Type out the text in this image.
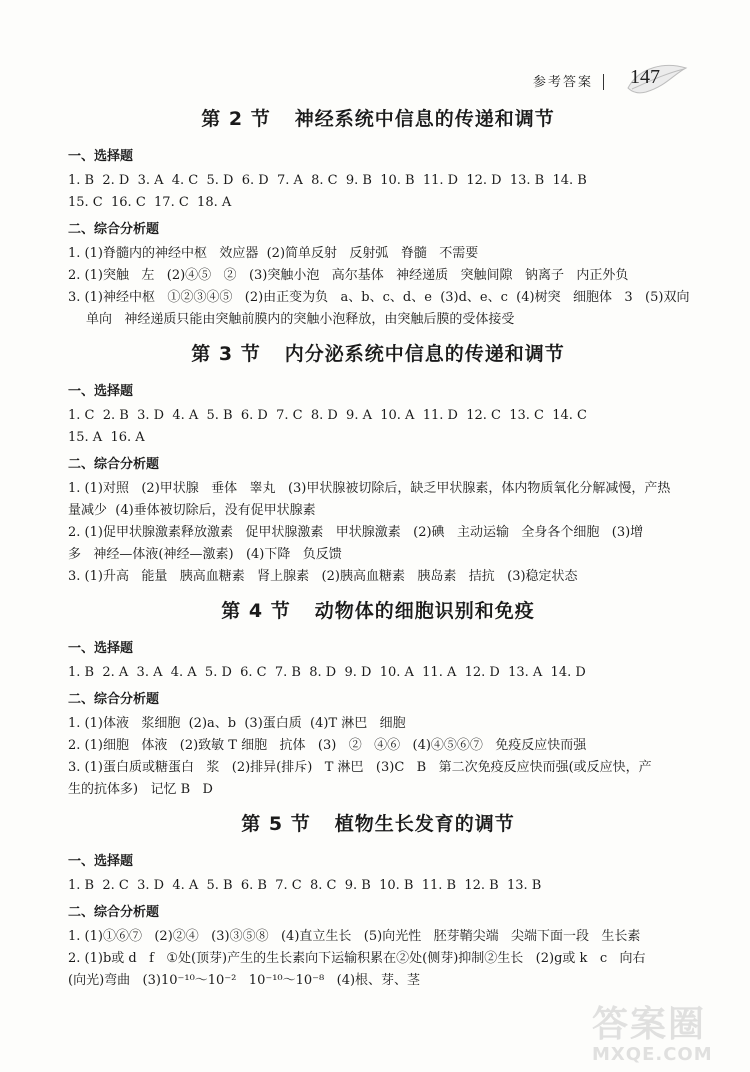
参考答案 147
第 2 节 神经系统中信息的传递和调节
一、选择题
1. B  2. D  3. A  4. C  5. D  6. D  7. A  8. C  9. B  10. B  11. D  12. D  13. B  14. B
15. C  16. C  17. C  18. A
二、综合分析题
1. (1)脊髓内的神经中枢   效应器  (2)简单反射   反射弧   脊髓   不需要
2. (1)突触   左   (2)④⑤   ②   (3)突触小泡   高尔基体   神经递质   突触间隙   钠离子   内正外负
3. (1)神经中枢   ①②③④⑤   (2)由正变为负   a、b、c、d、e  (3)d、e、c  (4)树突   细胞体   3   (5)双向
单向   神经递质只能由突触前膜内的突触小泡释放，由突触后膜的受体接受
第 3 节 内分泌系统中信息的传递和调节
一、选择题
1. C  2. B  3. D  4. A  5. B  6. D  7. C  8. D  9. A  10. A  11. D  12. C  13. C  14. C
15. A  16. A
二、综合分析题
1. (1)对照   (2)甲状腺   垂体   睾丸   (3)甲状腺被切除后，缺乏甲状腺素，体内物质氧化分解减慢，产热
量减少  (4)垂体被切除后，没有促甲状腺素
2. (1)促甲状腺激素释放激素   促甲状腺激素   甲状腺激素   (2)碘   主动运输   全身各个细胞   (3)增
多   神经—体液(神经—激素)   (4)下降   负反馈
3. (1)升高   能量   胰高血糖素   肾上腺素   (2)胰高血糖素   胰岛素   拮抗   (3)稳定状态
第 4 节 动物体的细胞识别和免疫
一、选择题
1. B  2. A  3. A  4. A  5. D  6. C  7. B  8. D  9. D  10. A  11. A  12. D  13. A  14. D
二、综合分析题
1. (1)体液   浆细胞  (2)a、b  (3)蛋白质  (4)T 淋巴   细胞
2. (1)细胞   体液   (2)致敏 T 细胞   抗体   (3)   ②   ④⑥   (4)④⑤⑥⑦   免疫反应快而强
3. (1)蛋白质或糖蛋白   浆   (2)排异(排斥)   T 淋巴   (3)C   B   第二次免疫反应快而强(或反应快，产
生的抗体多)   记忆 B   D
第 5 节 植物生长发育的调节
一、选择题
1. B  2. C  3. D  4. A  5. B  6. B  7. C  8. C  9. B  10. B  11. B  12. B  13. B
二、综合分析题
1. (1)①⑥⑦   (2)②④   (3)③⑤⑧   (4)直立生长   (5)向光性   胚芽鞘尖端   尖端下面一段   生长素
2. (1)b或 d   f   ①处(顶芽)产生的生长素向下运输积累在②处(侧芽)抑制②生长   (2)g或 k   c   向右
(向光)弯曲   (3)10⁻¹⁰～10⁻²   10⁻¹⁰～10⁻⁸   (4)根、芽、茎
答案圈
MXQE.COM
